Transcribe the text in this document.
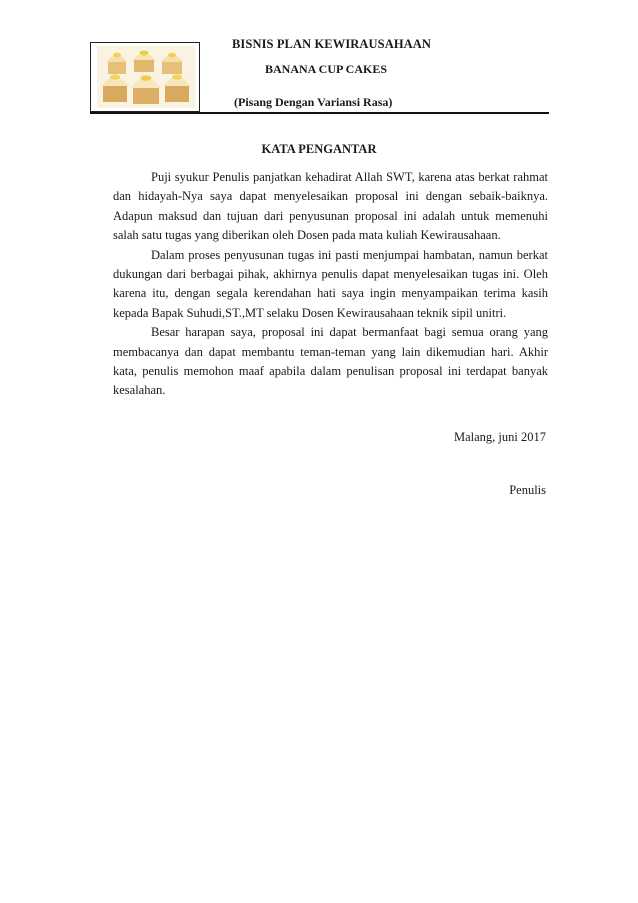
BISNIS PLAN KEWIRAUSAHAAN
BANANA CUP CAKES
(Pisang Dengan Variansi Rasa)
KATA PENGANTAR

Puji syukur Penulis panjatkan kehadirat Allah SWT, karena atas berkat rahmat dan hidayah-Nya saya dapat menyelesaikan proposal ini dengan sebaik-baiknya. Adapun maksud dan tujuan dari penyusunan proposal ini adalah untuk memenuhi salah satu tugas yang diberikan oleh Dosen pada mata kuliah Kewirausahaan.

Dalam proses penyusunan tugas ini pasti menjumpai hambatan, namun berkat dukungan dari berbagai pihak, akhirnya penulis dapat menyelesaikan tugas ini. Oleh karena itu, dengan segala kerendahan hati saya ingin menyampaikan terima kasih kepada Bapak Suhudi,ST.,MT selaku Dosen Kewirausahaan teknik sipil unitri.

Besar harapan saya, proposal ini dapat bermanfaat bagi semua orang yang membacanya dan dapat membantu teman-teman yang lain dikemudian hari. Akhir kata, penulis memohon maaf apabila dalam penulisan proposal ini terdapat banyak kesalahan.

Malang, juni 2017
Penulis
